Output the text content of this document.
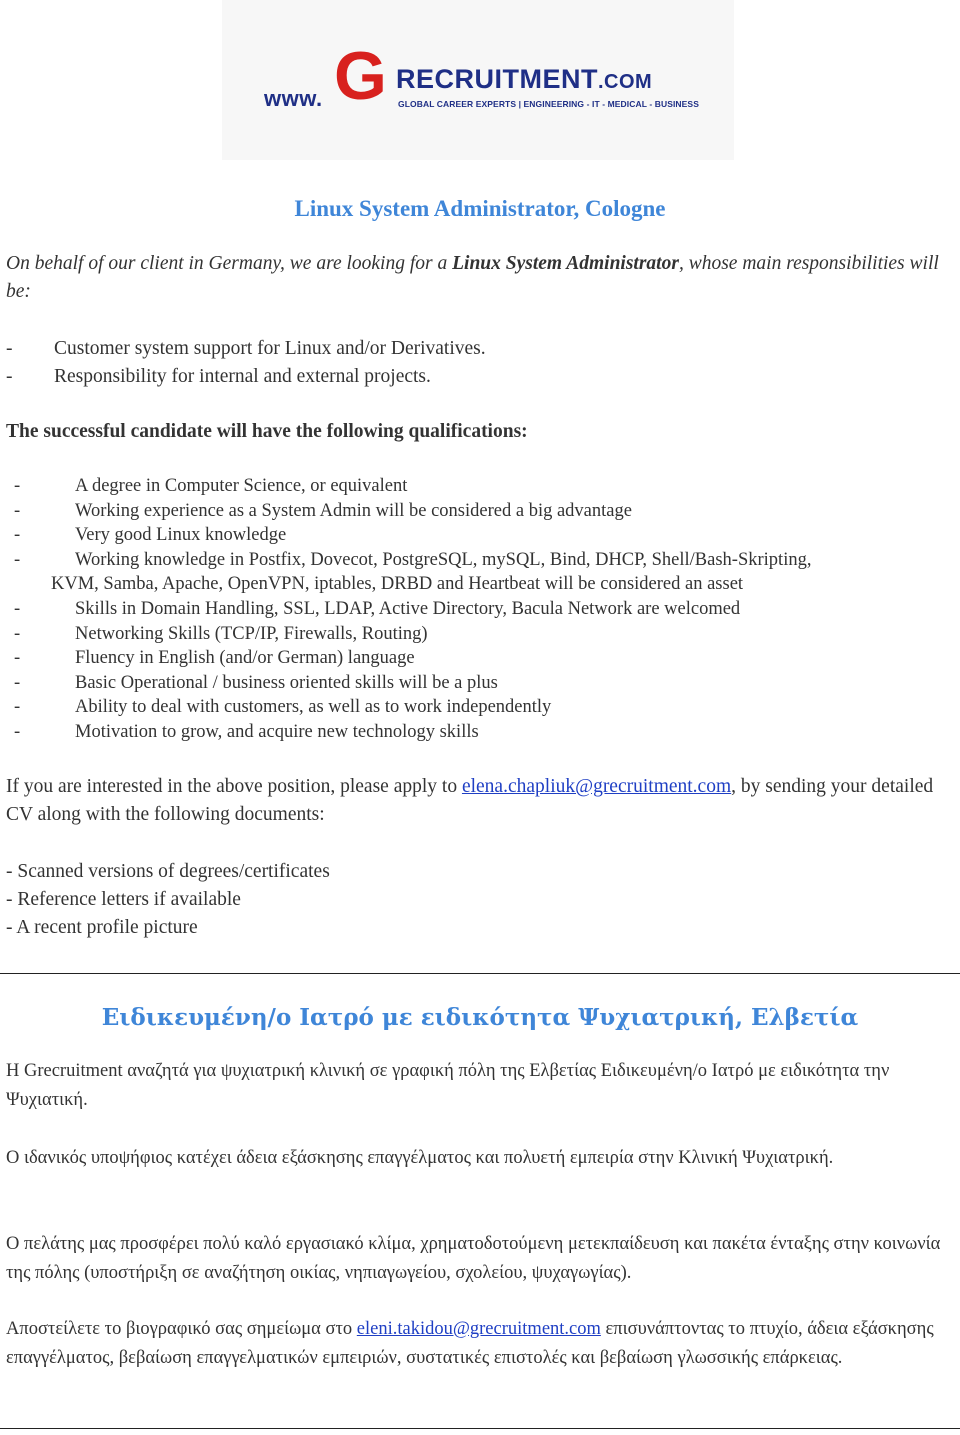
www. G RECRUITMENT.COM
GLOBAL CAREER EXPERTS | ENGINEERING - IT - MEDICAL - BUSINESS
Linux System Administrator, Cologne

On behalf of our client in Germany, we are looking for a Linux System Administrator, whose main responsibilities will be:

- Customer system support for Linux and/or Derivatives.
- Responsibility for internal and external projects.
The successful candidate will have the following qualifications:
-	A degree in Computer Science, or equivalent
-	Working experience as a System Admin will be considered a big advantage
-	Very good Linux knowledge
-	Working knowledge in Postfix, Dovecot, PostgreSQL, mySQL, Bind, DHCP, Shell/Bash-Skripting,
KVM, Samba, Apache, OpenVPN, iptables, DRBD and Heartbeat will be considered an asset
-	Skills in Domain Handling, SSL, LDAP, Active Directory, Bacula Network are welcomed
-	Networking Skills (TCP/IP, Firewalls, Routing)
-	Fluency in English (and/or German) language
-	Basic Operational / business oriented skills will be a plus
-	Ability to deal with customers, as well as to work independently
-	Motivation to grow, and acquire new technology skills

If you are interested in the above position, please apply to elena.chapliuk@grecruitment.com, by sending your detailed CV along with the following documents:

- Scanned versions of degrees/certificates
- Reference letters if available
- A recent profile picture
Ειδικευμένη/ο Ιατρό με ειδικότητα Ψυχιατρική, Ελβετία

Η Grecruitment αναζητά για ψυχιατρική κλινική σε γραφική πόλη της Ελβετίας Ειδικευμένη/ο Ιατρό με ειδικότητα την Ψυχιατική.

Ο ιδανικός υποψήφιος κατέχει άδεια εξάσκησης επαγγέλματος και πολυετή εμπειρία στην Κλινική Ψυχιατρική.

Ο πελάτης μας προσφέρει πολύ καλό εργασιακό κλίμα, χρηματοδοτούμενη μετεκπαίδευση και πακέτα ένταξης στην κοινωνία της πόλης (υποστήριξη σε αναζήτηση οικίας, νηπιαγωγείου, σχολείου, ψυχαγωγίας).

Αποστείλετε το βιογραφικό σας σημείωμα στο eleni.takidou@grecruitment.com επισυνάπτοντας το πτυχίο, άδεια εξάσκησης επαγγέλματος, βεβαίωση επαγγελματικών εμπειριών, συστατικές επιστολές και βεβαίωση γλωσσικής επάρκειας.
